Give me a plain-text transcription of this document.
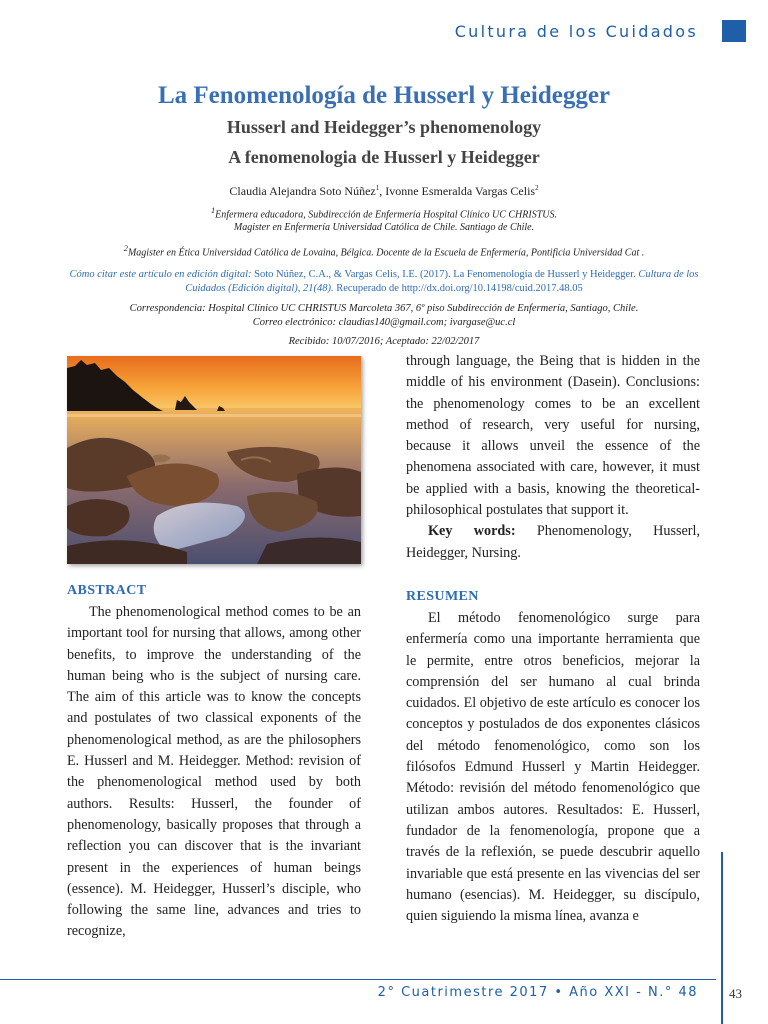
Cultura de los Cuidados
La Fenomenología de Husserl y Heidegger
Husserl and Heidegger’s phenomenology
A fenomenologia de Husserl y Heidegger
Claudia Alejandra Soto Núñez$^1$, Ivonne Esmeralda Vargas Celis$^2$
$^1$Enfermera educadora, Subdirección de Enfermería Hospital Clínico UC CHRISTUS.
Magister en Enfermería Universidad Católica de Chile. Santiago de Chile.
$^2$Magister en Ética Universidad Católica de Lovaina, Bélgica. Docente de la Escuela de Enfermería, Pontificia Universidad Cat .
Cómo citar este artículo en edición digital: Soto Núñez, C.A., & Vargas Celis, I.E. (2017). La Fenomenología de Husserl y Heidegger. Cultura de los Cuidados (Edición digital), 21(48). Recuperado de http://dx.doi.org/10.14198/cuid.2017.48.05
Correspondencia: Hospital Clínico UC CHRISTUS Marcoleta 367, 6º piso Subdirección de Enfermería, Santiago, Chile.
Correo electrónico: claudias140@gmail.com; ivargase@uc.cl
Recibido: 10/07/2016; Aceptado: 22/02/2017
ABSTRACT

The phenomenological method comes to be an important tool for nursing that allows, among other benefits, to improve the understanding of the human being who is the subject of nursing care. The aim of this article was to know the concepts and postulates of two classical exponents of the phenomenological method, as are the philosophers E. Husserl and M. Heidegger. Method: revision of the phenomenological method used by both authors. Results: Husserl, the founder of phenomenology, basically proposes that through a reflection you can discover that is the invariant present in the experiences of human beings (essence). M. Heidegger, Husserl’s disciple, who following the same line, advances and tries to recognize,

through language, the Being that is hidden in the middle of his environment (Dasein). Conclusions: the phenomenology comes to be an excellent method of research, very useful for nursing, because it allows unveil the essence of the phenomena associated with care, however, it must be applied with a basis, knowing the theoretical-philosophical postulates that support it.

Key words: Phenomenology, Husserl, Heidegger, Nursing.

RESUMEN

El método fenomenológico surge para enfermería como una importante herramienta que le permite, entre otros beneficios, mejorar la comprensión del ser humano al cual brinda cuidados. El objetivo de este artículo es conocer los conceptos y postulados de dos exponentes clásicos del método fenomenológico, como son los filósofos Edmund Husserl y Martin Heidegger. Método: revisión del método fenomenológico que utilizan ambos autores. Resultados: E. Husserl, fundador de la fenomenología, propone que a través de la reflexión, se puede descubrir aquello invariable que está presente en las vivencias del ser humano (esencias). M. Heidegger, su discípulo, quien siguiendo la misma línea, avanza e

2° Cuatrimestre 2017 • Año XXI - N.° 48 43
